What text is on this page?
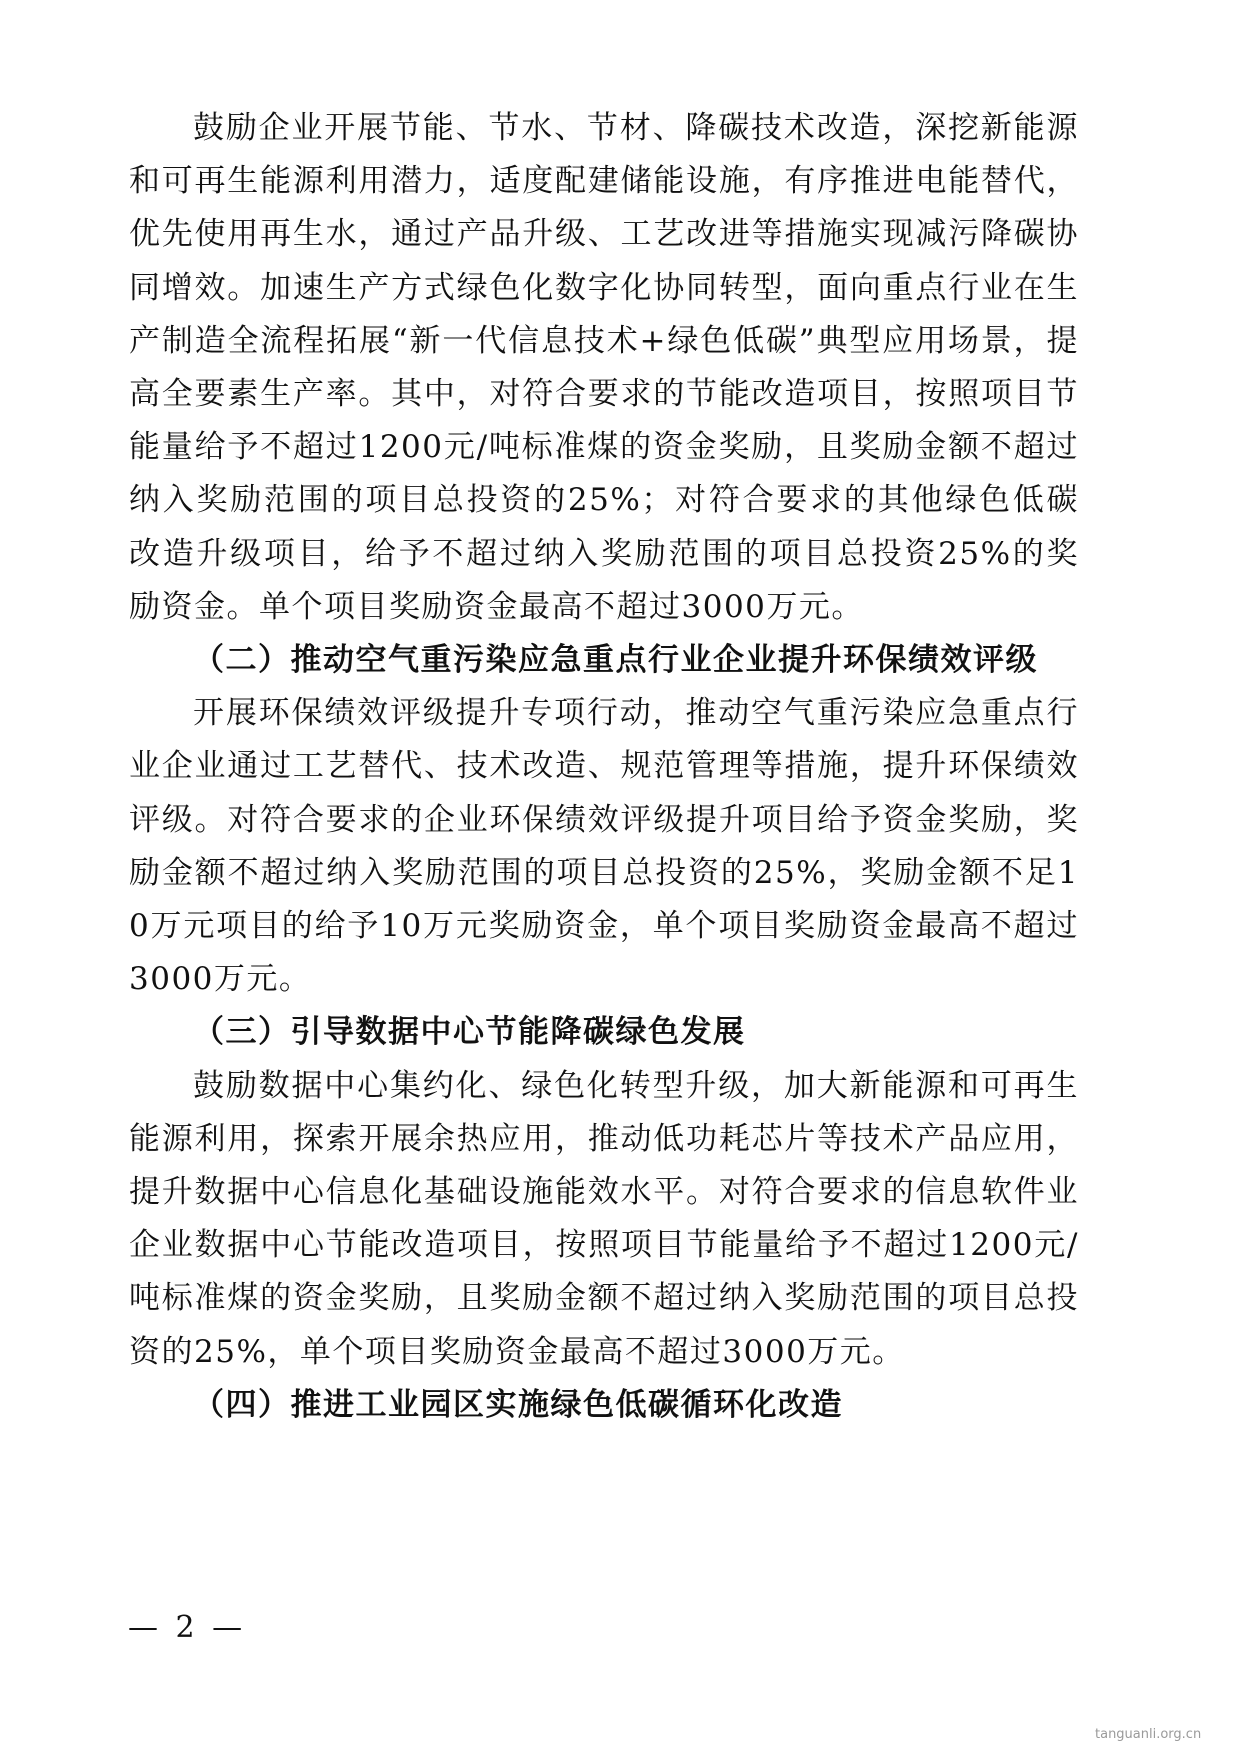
鼓励企业开展节能、节水、节材、降碳技术改造，深挖新能源和可再生能源利用潜力，适度配建储能设施，有序推进电能替代，优先使用再生水，通过产品升级、工艺改进等措施实现减污降碳协同增效。加速生产方式绿色化数字化协同转型，面向重点行业在生产制造全流程拓展“新一代信息技术+绿色低碳”典型应用场景，提高全要素生产率。其中，对符合要求的节能改造项目，按照项目节能量给予不超过1200元/吨标准煤的资金奖励，且奖励金额不超过纳入奖励范围的项目总投资的25%；对符合要求的其他绿色低碳改造升级项目，给予不超过纳入奖励范围的项目总投资25%的奖励资金。单个项目奖励资金最高不超过3000万元。

（二）推动空气重污染应急重点行业企业提升环保绩效评级

开展环保绩效评级提升专项行动，推动空气重污染应急重点行业企业通过工艺替代、技术改造、规范管理等措施，提升环保绩效评级。对符合要求的企业环保绩效评级提升项目给予资金奖励，奖励金额不超过纳入奖励范围的项目总投资的25%，奖励金额不足10万元项目的给予10万元奖励资金，单个项目奖励资金最高不超过3000万元。

（三）引导数据中心节能降碳绿色发展

鼓励数据中心集约化、绿色化转型升级，加大新能源和可再生能源利用，探索开展余热应用，推动低功耗芯片等技术产品应用，提升数据中心信息化基础设施能效水平。对符合要求的信息软件业企业数据中心节能改造项目，按照项目节能量给予不超过1200元/吨标准煤的资金奖励，且奖励金额不超过纳入奖励范围的项目总投资的25%，单个项目奖励资金最高不超过3000万元。

（四）推进工业园区实施绿色低碳循环化改造

— 2 —
tanguanli.org.cn
